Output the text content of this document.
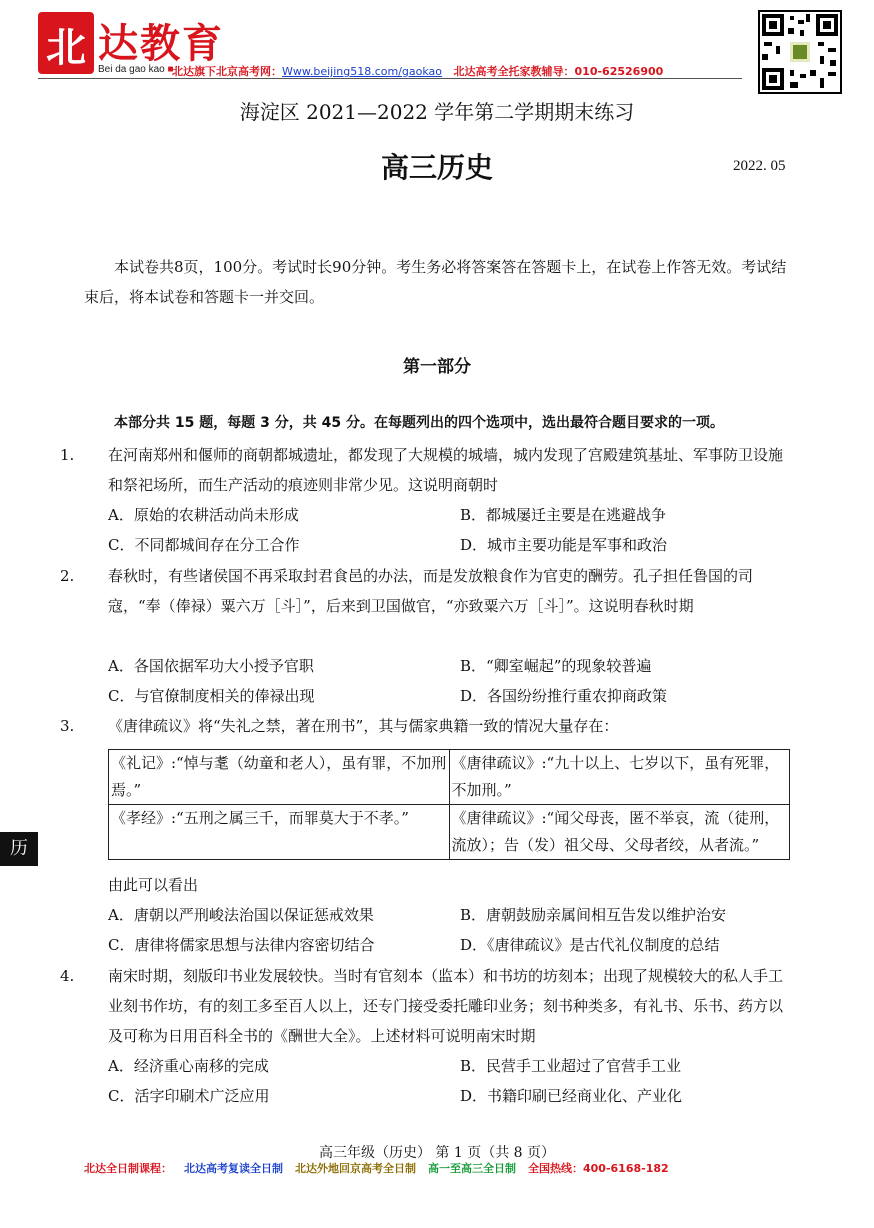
北 达教育
Bei da gao kao ■
北达旗下北京高考网：Www.beijing518.com/gaokao 北达高考全托家教辅导：010-62526900
海淀区 2021—2022 学年第二学期期末练习
高三历史	2022. 05
本试卷共8页，100分。考试时长90分钟。考生务必将答案答在答题卡上，在试卷上作答无效。考试结束后，将本试卷和答题卡一并交回。
第一部分
本部分共 15 题，每题 3 分，共 45 分。在每题列出的四个选项中，选出最符合题目要求的一项。
1. 在河南郑州和偃师的商朝都城遗址，都发现了大规模的城墙，城内发现了宫殿建筑基址、军事防卫设施和祭祀场所，而生产活动的痕迹则非常少见。这说明商朝时
A．原始的农耕活动尚未形成	B．都城屡迁主要是在逃避战争
C．不同都城间存在分工合作	D．城市主要功能是军事和政治
2. 春秋时，有些诸侯国不再采取封君食邑的办法，而是发放粮食作为官吏的酬劳。孔子担任鲁国的司寇，“奉（俸禄）粟六万［斗］”，后来到卫国做官，“亦致粟六万［斗］”。这说明春秋时期
A．各国依据军功大小授予官职	B．“卿室崛起”的现象较普遍
C．与官僚制度相关的俸禄出现	D．各国纷纷推行重农抑商政策
3. 《唐律疏议》将“失礼之禁，著在刑书”，其与儒家典籍一致的情况大量存在：
《礼记》:“悼与耄（幼童和老人），虽有罪，不加刑焉。”	《唐律疏议》:“九十以上、七岁以下，虽有死罪，不加刑。”
《孝经》:“五刑之属三千，而罪莫大于不孝。”	《唐律疏议》:“闻父母丧，匿不举哀，流（徒刑，流放）；告（发）祖父母、父母者绞，从者流。”
由此可以看出
A．唐朝以严刑峻法治国以保证惩戒效果	B．唐朝鼓励亲属间相互告发以维护治安
C．唐律将儒家思想与法律内容密切结合	D．《唐律疏议》是古代礼仪制度的总结
4. 南宋时期，刻版印书业发展较快。当时有官刻本（监本）和书坊的坊刻本；出现了规模较大的私人手工业刻书作坊，有的刻工多至百人以上，还专门接受委托雕印业务；刻书种类多，有礼书、乐书、药方以及可称为日用百科全书的《酬世大全》。上述材料可说明南宋时期
A．经济重心南移的完成	B．民营手工业超过了官营手工业
C．活字印刷术广泛应用	D．书籍印刷已经商业化、产业化
历
高三年级（历史） 第 1 页（共 8 页）
北达全日制课程： 北达高考复读全日制 北达外地回京高考全日制 高一至高三全日制 全国热线：400-6168-182
